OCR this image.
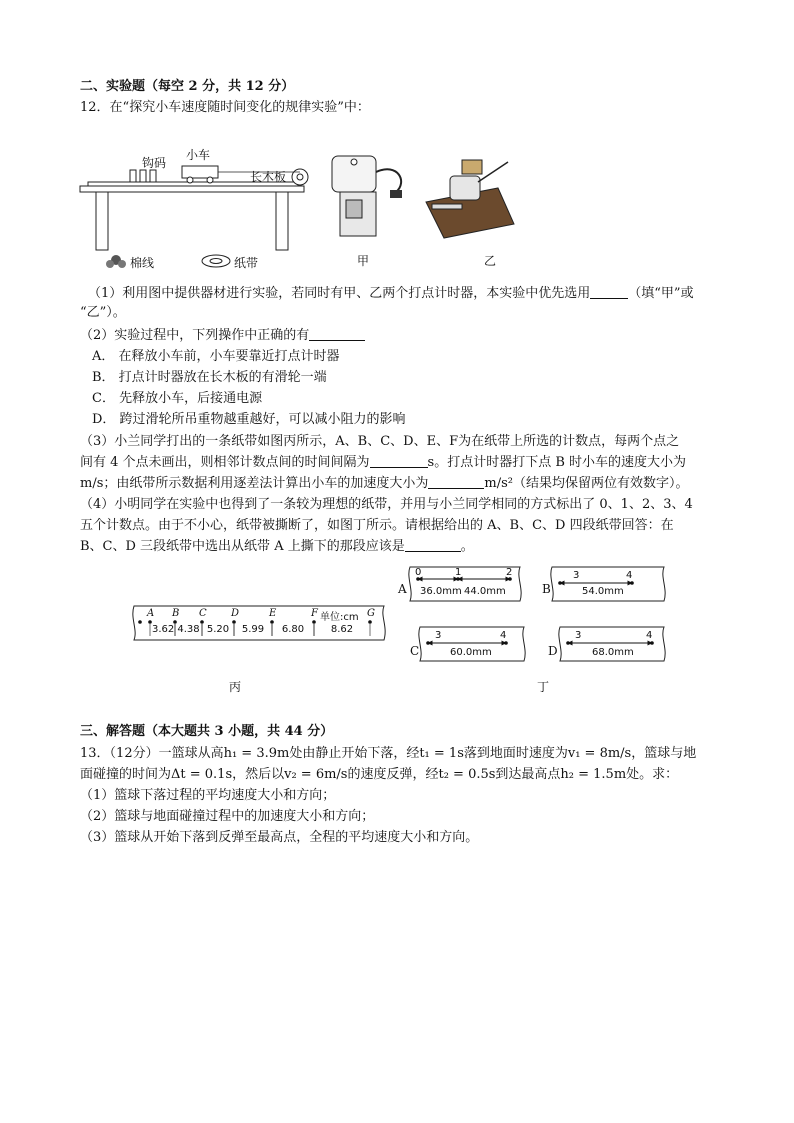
二、实验题（每空 2 分，共 12 分）
12．在“探究小车速度随时间变化的规律实验”中：
钩码
小车
长木板
棉线	纸带	甲	乙
（1）利用图中提供器材进行实验，若同时有甲、乙两个打点计时器，本实验中优先选用	（填“甲”或
“乙”）。
（2）实验过程中，下列操作中正确的有
A． 在释放小车前，小车要靠近打点计时器
B． 打点计时器放在长木板的有滑轮一端
C． 先释放小车，后接通电源
D． 跨过滑轮所吊重物越重越好，可以减小阻力的影响
（3）小兰同学打出的一条纸带如图丙所示，A、B、C、D、E、F为在纸带上所选的计数点，每两个点之
间有 4 个点未画出，则相邻计数点间的时间间隔为	s。打点计时器打下点 B 时小车的速度大小为
m/s；由纸带所示数据利用逐差法计算出小车的加速度大小为	m/s²（结果均保留两位有效数字）。
（4）小明同学在实验中也得到了一条较为理想的纸带，并用与小兰同学相同的方式标出了 0、1、2、3、4
五个计数点。由于不小心，纸带被撕断了，如图丁所示。请根据给出的 A、B、C、D 四段纸带回答：在
B、C、D 三段纸带中选出从纸带 A 上撕下的那段应该是	。
A B C D	E	F	G
3.62 4.38 5.20	5.99	6.80	8.62
单位:cm
丙
A
0	1	2
36.0mm 44.0mm	B
3	4
54.0mm
C
3	4
60.0mm	D
3	4
68.0mm
丁
三、解答题（本大题共 3 小题，共 44 分）
13．（12分）一篮球从高h₁ = 3.9m处由静止开始下落，经t₁ = 1s落到地面时速度为v₁ = 8m/s，篮球与地
面碰撞的时间为Δt = 0.1s，然后以v₂ = 6m/s的速度反弹，经t₂ = 0.5s到达最高点h₂ = 1.5m处。求：
（1）篮球下落过程的平均速度大小和方向；
（2）篮球与地面碰撞过程中的加速度大小和方向；
（3）篮球从开始下落到反弹至最高点，全程的平均速度大小和方向。
